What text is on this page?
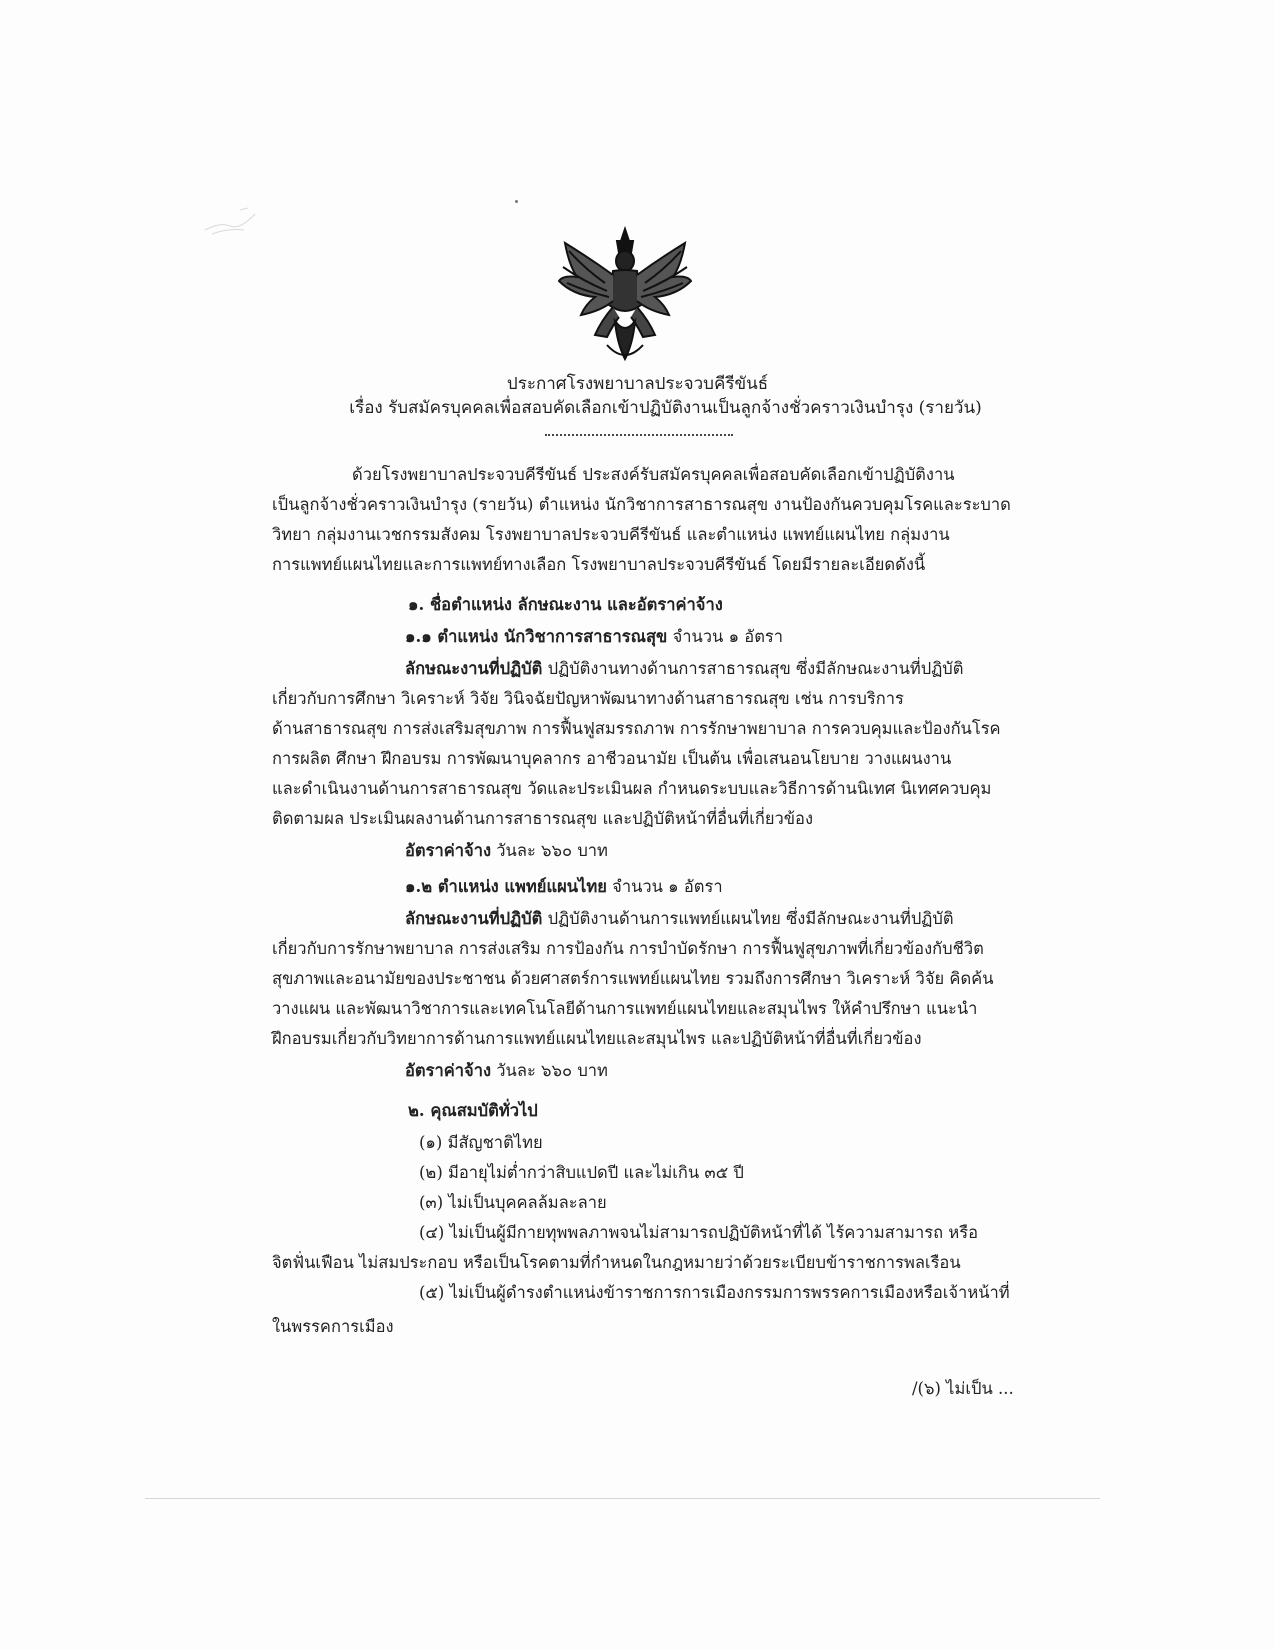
ประกาศโรงพยาบาลประจวบคีรีขันธ์
เรื่อง รับสมัครบุคคลเพื่อสอบคัดเลือกเข้าปฏิบัติงานเป็นลูกจ้างชั่วคราวเงินบำรุง (รายวัน)
ด้วยโรงพยาบาลประจวบคีรีขันธ์ ประสงค์รับสมัครบุคคลเพื่อสอบคัดเลือกเข้าปฏิบัติงาน
เป็นลูกจ้างชั่วคราวเงินบำรุง (รายวัน) ตำแหน่ง นักวิชาการสาธารณสุข งานป้องกันควบคุมโรคและระบาด
วิทยา กลุ่มงานเวชกรรมสังคม โรงพยาบาลประจวบคีรีขันธ์ และตำแหน่ง แพทย์แผนไทย กลุ่มงาน
การแพทย์แผนไทยและการแพทย์ทางเลือก โรงพยาบาลประจวบคีรีขันธ์ โดยมีรายละเอียดดังนี้
๑. ชื่อตำแหน่ง ลักษณะงาน และอัตราค่าจ้าง
๑.๑ ตำแหน่ง นักวิชาการสาธารณสุข จำนวน ๑ อัตรา
ลักษณะงานที่ปฏิบัติ ปฏิบัติงานทางด้านการสาธารณสุข ซึ่งมีลักษณะงานที่ปฏิบัติ
เกี่ยวกับการศึกษา วิเคราะห์ วิจัย วินิจฉัยปัญหาพัฒนาทางด้านสาธารณสุข เช่น การบริการ
ด้านสาธารณสุข การส่งเสริมสุขภาพ การฟื้นฟูสมรรถภาพ การรักษาพยาบาล การควบคุมและป้องกันโรค
การผลิต ศึกษา ฝึกอบรม การพัฒนาบุคลากร อาชีวอนามัย เป็นต้น เพื่อเสนอนโยบาย วางแผนงาน
และดำเนินงานด้านการสาธารณสุข วัดและประเมินผล กำหนดระบบและวิธีการด้านนิเทศ นิเทศควบคุม
ติดตามผล ประเมินผลงานด้านการสาธารณสุข และปฏิบัติหน้าที่อื่นที่เกี่ยวข้อง
อัตราค่าจ้าง วันละ ๖๖๐ บาท
๑.๒ ตำแหน่ง แพทย์แผนไทย จำนวน ๑ อัตรา
ลักษณะงานที่ปฏิบัติ ปฏิบัติงานด้านการแพทย์แผนไทย ซึ่งมีลักษณะงานที่ปฏิบัติ
เกี่ยวกับการรักษาพยาบาล การส่งเสริม การป้องกัน การบำบัดรักษา การฟื้นฟูสุขภาพที่เกี่ยวข้องกับชีวิต
สุขภาพและอนามัยของประชาชน ด้วยศาสตร์การแพทย์แผนไทย รวมถึงการศึกษา วิเคราะห์ วิจัย คิดค้น
วางแผน และพัฒนาวิชาการและเทคโนโลยีด้านการแพทย์แผนไทยและสมุนไพร ให้คำปรึกษา แนะนำ
ฝึกอบรมเกี่ยวกับวิทยาการด้านการแพทย์แผนไทยและสมุนไพร และปฏิบัติหน้าที่อื่นที่เกี่ยวข้อง
อัตราค่าจ้าง วันละ ๖๖๐ บาท
๒. คุณสมบัติทั่วไป
(๑) มีสัญชาติไทย
(๒) มีอายุไม่ต่ำกว่าสิบแปดปี และไม่เกิน ๓๕ ปี
(๓) ไม่เป็นบุคคลล้มละลาย
(๔) ไม่เป็นผู้มีกายทุพพลภาพจนไม่สามารถปฏิบัติหน้าที่ได้ ไร้ความสามารถ หรือ
จิตฟั่นเฟือน ไม่สมประกอบ หรือเป็นโรคตามที่กำหนดในกฎหมายว่าด้วยระเบียบข้าราชการพลเรือน
(๕) ไม่เป็นผู้ดำรงตำแหน่งข้าราชการการเมืองกรรมการพรรคการเมืองหรือเจ้าหน้าที่
ในพรรคการเมือง
/(๖) ไม่เป็น ...
